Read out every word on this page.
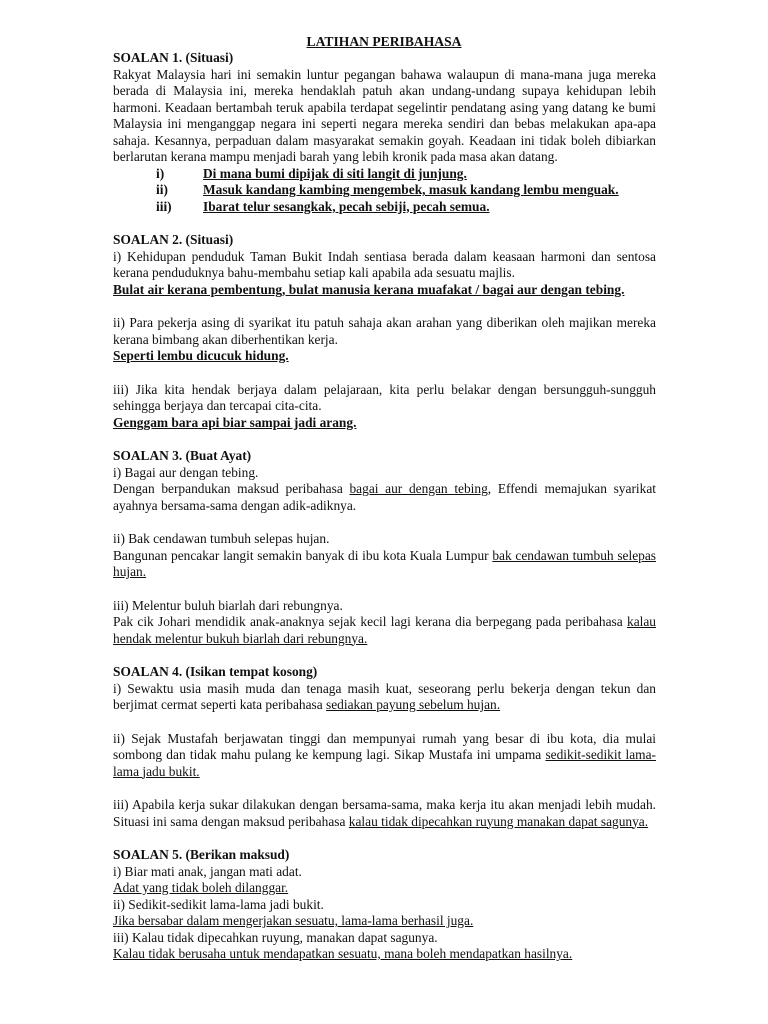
LATIHAN PERIBAHASA

SOALAN 1. (Situasi)

Rakyat Malaysia hari ini semakin luntur pegangan bahawa walaupun di mana-mana juga mereka berada di Malaysia ini, mereka hendaklah patuh akan undang-undang supaya kehidupan lebih harmoni. Keadaan bertambah teruk apabila terdapat segelintir pendatang asing yang datang ke bumi Malaysia ini menganggap negara ini seperti negara mereka sendiri dan bebas melakukan apa-apa sahaja. Kesannya, perpaduan dalam masyarakat semakin goyah. Keadaan ini tidak boleh dibiarkan berlarutan kerana mampu menjadi barah yang lebih kronik pada masa akan datang.

i)	Di mana bumi dipijak di siti langit di junjung.
ii)	Masuk kandang kambing mengembek, masuk kandang lembu menguak.
iii)	Ibarat telur sesangkak, pecah sebiji, pecah semua.

SOALAN 2. (Situasi)

i) Kehidupan penduduk Taman Bukit Indah sentiasa berada dalam keasaan harmoni dan sentosa kerana penduduknya bahu-membahu setiap kali apabila ada sesuatu majlis.

Bulat air kerana pembentung, bulat manusia kerana muafakat / bagai aur dengan tebing.

ii) Para pekerja asing di syarikat itu patuh sahaja akan arahan yang diberikan oleh majikan mereka kerana bimbang akan diberhentikan kerja.

Seperti lembu dicucuk hidung.

iii) Jika kita hendak berjaya dalam pelajaraan, kita perlu belakar dengan bersungguh-sungguh sehingga berjaya dan tercapai cita-cita.

Genggam bara api biar sampai jadi arang.

SOALAN 3. (Buat Ayat)

i) Bagai aur dengan tebing.

Dengan berpandukan maksud peribahasa bagai aur dengan tebing, Effendi memajukan syarikat ayahnya bersama-sama dengan adik-adiknya.

ii) Bak cendawan tumbuh selepas hujan.

Bangunan pencakar langit semakin banyak di ibu kota Kuala Lumpur bak cendawan tumbuh selepas hujan.

iii) Melentur buluh biarlah dari rebungnya.

Pak cik Johari mendidik anak-anaknya sejak kecil lagi kerana dia berpegang pada peribahasa kalau hendak melentur bukuh biarlah dari rebungnya.

SOALAN 4. (Isikan tempat kosong)

i) Sewaktu usia masih muda dan tenaga masih kuat, seseorang perlu bekerja dengan tekun dan berjimat cermat seperti kata peribahasa sediakan payung sebelum hujan.

ii) Sejak Mustafah berjawatan tinggi dan mempunyai rumah yang besar di ibu kota, dia mulai sombong dan tidak mahu pulang ke kempung lagi. Sikap Mustafa ini umpama sedikit-sedikit lama-lama jadu bukit.

iii) Apabila kerja sukar dilakukan dengan bersama-sama, maka kerja itu akan menjadi lebih mudah. Situasi ini sama dengan maksud peribahasa kalau tidak dipecahkan ruyung manakan dapat sagunya.

SOALAN 5. (Berikan maksud)

i) Biar mati anak, jangan mati adat.

Adat yang tidak boleh dilanggar.

ii) Sedikit-sedikit lama-lama jadi bukit.

Jika bersabar dalam mengerjakan sesuatu, lama-lama berhasil juga.

iii) Kalau tidak dipecahkan ruyung, manakan dapat sagunya.

Kalau tidak berusaha untuk mendapatkan sesuatu, mana boleh mendapatkan hasilnya.
